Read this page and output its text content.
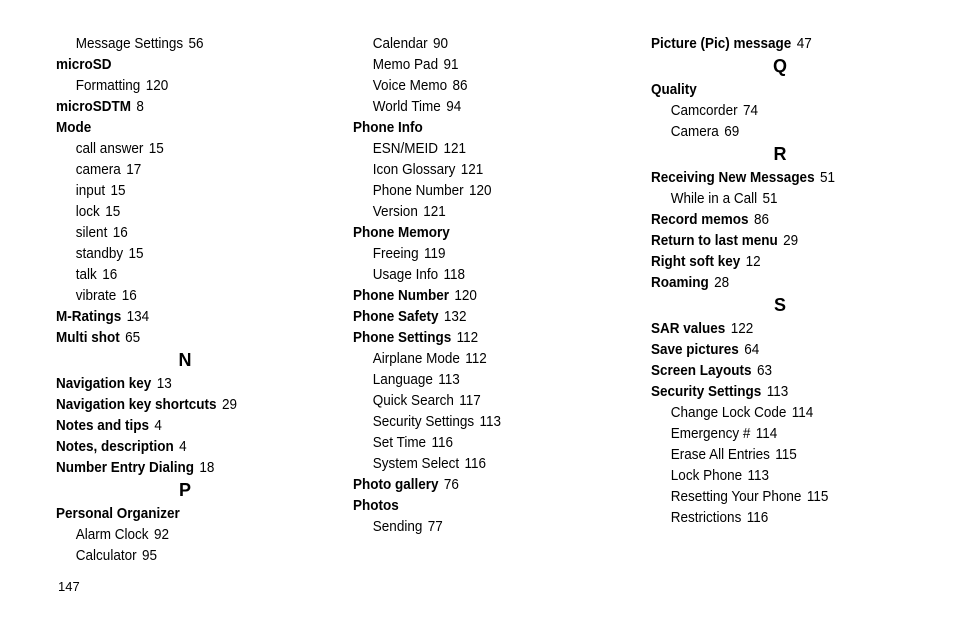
Message Settings 56
microSD
Formatting 120
microSDTM 8
Mode
call answer 15
camera 17
input 15
lock 15
silent 16
standby 15
talk 16
vibrate 16
M-Ratings 134
Multi shot 65
N
Navigation key 13
Navigation key shortcuts 29
Notes and tips 4
Notes, description 4
Number Entry Dialing 18
P
Personal Organizer
Alarm Clock 92
Calculator 95
Calendar 90
Memo Pad 91
Voice Memo 86
World Time 94
Phone Info
ESN/MEID 121
Icon Glossary 121
Phone Number 120
Version 121
Phone Memory
Freeing 119
Usage Info 118
Phone Number 120
Phone Safety 132
Phone Settings 112
Airplane Mode 112
Language 113
Quick Search 117
Security Settings 113
Set Time 116
System Select 116
Photo gallery 76
Photos
Sending 77
Picture (Pic) message 47
Q
Quality
Camcorder 74
Camera 69
R
Receiving New Messages 51
While in a Call 51
Record memos 86
Return to last menu 29
Right soft key 12
Roaming 28
S
SAR values 122
Save pictures 64
Screen Layouts 63
Security Settings 113
Change Lock Code 114
Emergency # 114
Erase All Entries 115
Lock Phone 113
Resetting Your Phone 115
Restrictions 116
147
